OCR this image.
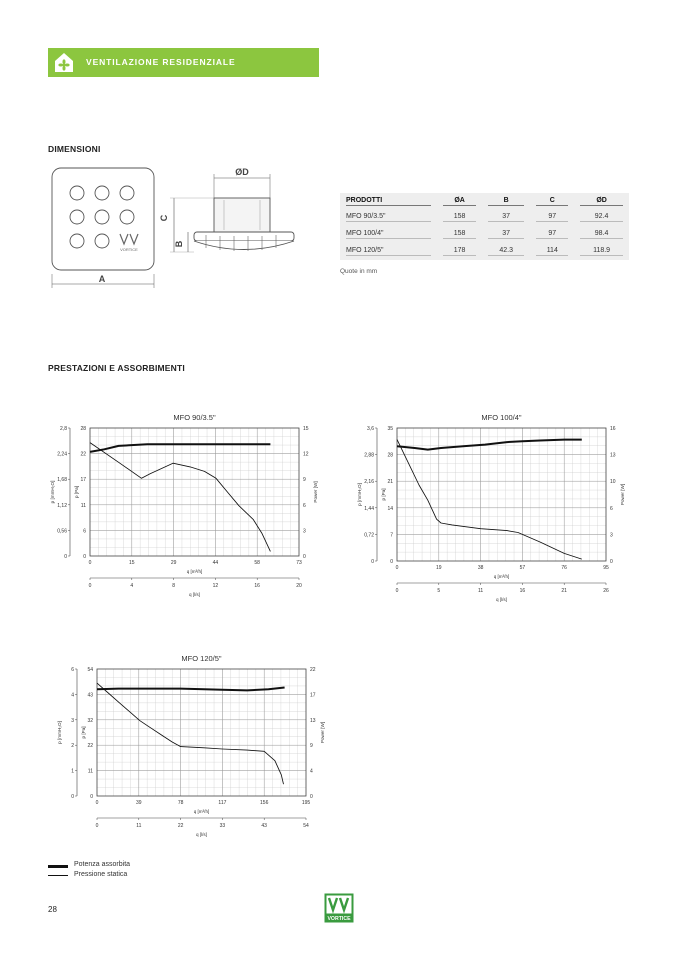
VENTILAZIONE RESIDENZIALE
DIMENSIONI
VORTICE
A
ØD
C
B
PRODOTTI	ØA	B	C	ØD

MFO 90/3.5"	158	37	97	92.4

MFO 100/4"	158	37	97	98.4

MFO 120/5"	178	42.3	114	118.9
Quote in mm
PRESTAZIONI E ASSORBIMENTI
MFO 90/3.5"
0	15	29	44	58	73
q [m³/h]
0	4	8	12	16	20
q [l/s]
0
6
11
17
22
28
0
0,56
1,12
1,68
2,24
2,8
p [Pa]
p [mmH₂O]
0
3
6
9
12
15
Power [W]
MFO 100/4"
0	19	38	57	76	95
q [m³/h]
0	5	11	16	21	26
q [l/s]
0
7
14
21
28
35
0
0,72
1,44
2,16
2,88
3,6
p [Pa]
p [mmH₂O]
0
3
6
10
13
16
Power [W]
MFO 120/5"
0	39	78	117	156	195
q [m³/h]
0	11	22	33	43	54
q [l/s]
0
11
22
32
43
54
0
1
2
3
4
6
p [Pa]
p [mmH₂O]
0
4
9
13
17
22
Power [W]
Potenza assorbita
Pressione statica
28
VORTICE
